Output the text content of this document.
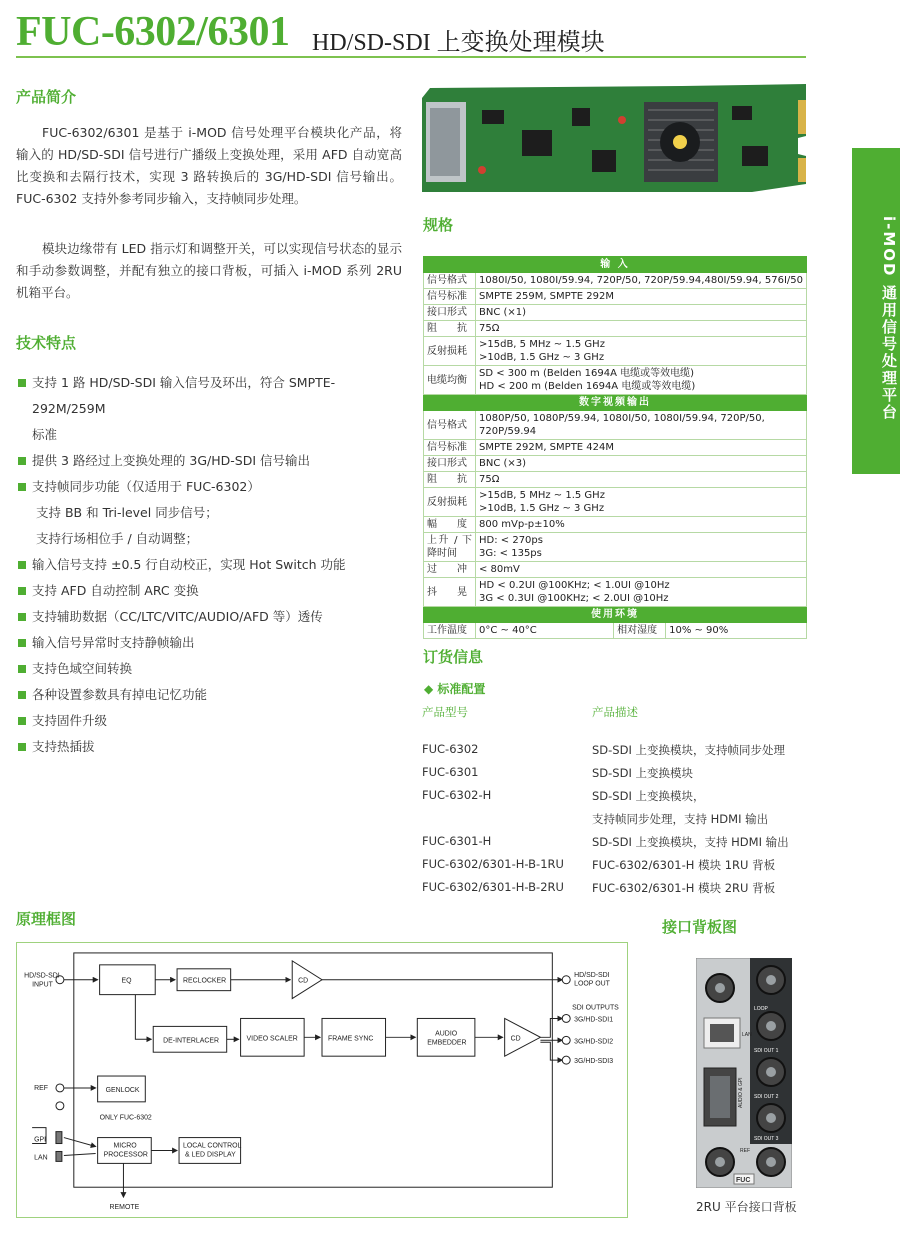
FUC-6302/6301 HD/SD-SDI 上变换处理模块
i-MOD 通用信号处理平台
产品简介

FUC-6302/6301 是基于 i-MOD 信号处理平台模块化产品，将输入的 HD/SD-SDI 信号进行广播级上变换处理，采用 AFD 自动宽高比变换和去隔行技术，实现 3 路转换后的 3G/HD-SDI 信号输出。FUC-6302 支持外参考同步输入，支持帧同步处理。

模块边缘带有 LED 指示灯和调整开关，可以实现信号状态的显示和手动参数调整，并配有独立的接口背板，可插入 i-MOD 系列 2RU 机箱平台。

技术特点
支持 1 路 HD/SD-SDI 输入信号及环出，符合 SMPTE-292M/259M
标准
提供 3 路经过上变换处理的 3G/HD-SDI 信号输出
支持帧同步功能（仅适用于 FUC-6302）
支持 BB 和 Tri-level 同步信号；
支持行场相位手 / 自动调整；
输入信号支持 ±0.5 行自动校正，实现 Hot Switch 功能
支持 AFD 自动控制 ARC 变换
支持辅助数据（CC/LTC/VITC/AUDIO/AFD 等）透传
输入信号异常时支持静帧输出
支持色域空间转换
各种设置参数具有掉电记忆功能
支持固件升级
支持热插拔
规格
输 入			
信号格式	1080I/50, 1080I/59.94, 720P/50, 720P/59.94,480I/59.94, 576I/50		
信号标准	SMPTE 259M, SMPTE 292M		
接口形式	BNC (×1)		
阻　　抗	75Ω		
反射损耗	>15dB, 5 MHz ~ 1.5 GHz
>10dB, 1.5 GHz ~ 3 GHz		

电缆均衡	SD < 300 m (Belden 1694A 电缆或等效电缆)
HD < 200 m (Belden 1694A 电缆或等效电缆)		

数字视频输出			
信号格式	1080P/50, 1080P/59.94, 1080I/50, 1080I/59.94, 720P/50, 720P/59.94		
信号标准	SMPTE 292M, SMPTE 424M		
接口形式	BNC (×3)		
阻　　抗	75Ω		
反射损耗	>15dB, 5 MHz ~ 1.5 GHz
>10dB, 1.5 GHz ~ 3 GHz		

幅　　度	800 mVp-p±10%		
上升 / 下降时间	HD: < 270ps
3G: < 135ps		

过　　冲	< 80mV		
抖　　晃	HD < 0.2UI @100KHz; < 1.0UI @10Hz
3G < 0.3UI @100KHz; < 2.0UI @10Hz		

使用环境			
工作温度	0°C ~ 40°C	相对湿度	10% ~ 90%
订货信息
◆ 标准配置
产品型号	产品描述
FUC-6302	SD-SDI 上变换模块，支持帧同步处理
FUC-6301	SD-SDI 上变换模块
FUC-6302-H	SD-SDI 上变换模块，
支持帧同步处理，支持 HDMI 输出
FUC-6301-H	SD-SDI 上变换模块，支持 HDMI 输出
FUC-6302/6301-H-B-1RU FUC-6302/6301-H 模块 1RU 背板
FUC-6302/6301-H-B-2RU FUC-6302/6301-H 模块 2RU 背板
原理框图
HD/SD-SDI
INPUT
EQ	RECLOCKER	CD
HD/SD-SDI
LOOP OUT
DE-INTERLACER	VIDEO SCALER	FRAME SYNC
AUDIO
EMBEDDER
CD
SDI OUTPUTS
3G/HD-SDI1
3G/HD-SDI2
3G/HD-SDI3
REF	GENLOCK
ONLY FUC-6302
GPI
LAN
MICRO
PROCESSOR
LOCAL CONTROL
& LED DISPLAY
REMOTE
接口背板图
LOOP
LAN
SDI OUT 1
SDI OUT 2
SDI OUT 3
AUDIO & GPI
REF
FUC
2RU 平台接口背板
